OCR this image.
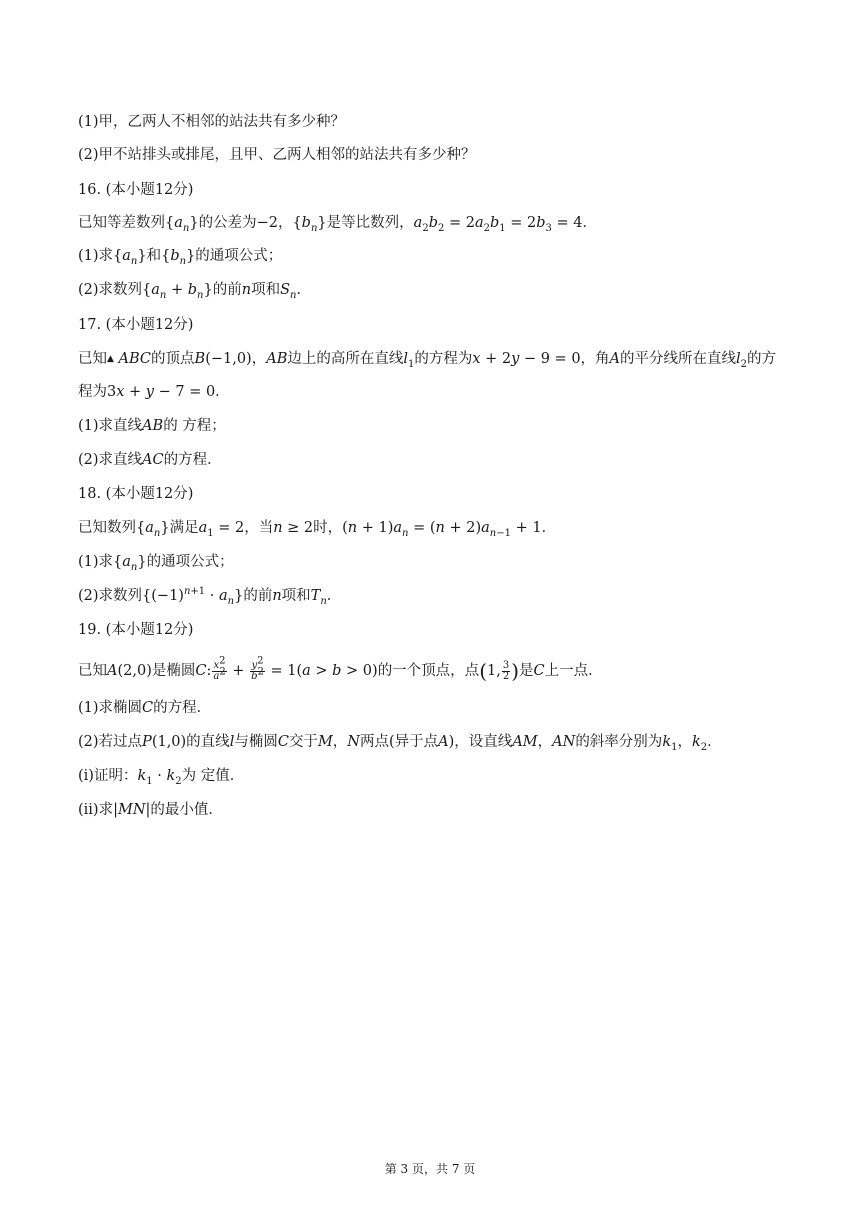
(1)甲，乙两人不相邻的站法共有多少种？
(2)甲不站排头或排尾，且甲、乙两人相邻的站法共有多少种？
16. (本小题12分)
已知等差数列$\{a_n\}$的公差为−2，$\{b_n\}$是等比数列，$a_2b_2 = 2a_2b_1 = 2b_3 = 4$．
(1)求$\{a_n\}$和$\{b_n\}$的通项公式；
(2)求数列$\{a_n + b_n\}$的前n项和$S_n$．
17. (本小题12分)
已知▲ ABC的顶点B(−1,0)，AB边上的高所在直线$l_1$的方程为x + 2y − 9 = 0，角A的平分线所在直线$l_2$的方
程为3x + y − 7 = 0．
(1)求直线AB的 方程；
(2)求直线AC的方程．
18. (本小题12分)
已知数列$\{a_n\}$满足$a_1 = 2$，当n ≥ 2时，$(n + 1)a_n = (n + 2)a_{n-1} + 1$．
(1)求$\{a_n\}$的通项公式；
(2)求数列$\{(-1)^{n+1} \cdot a_n\}$的前n项和$T_n$．
19. (本小题12分)
已知A(2,0)是椭圆C: $\frac{x^2}{a^2} + \frac{y^2}{b^2} = 1(a > b > 0)$的一个顶点，点(1, $\frac{3}{2}$ )是C上一点．
(1)求椭圆C的方程．
(2)若过点P(1,0)的直线l与椭圆C交于M，N两点(异于点A)，设直线AM，AN的斜率分别为$k_1$，$k_2$．
(i)证明：$k_1 \cdot k_2$为 定值．
(ii)求|MN|的最小值．
第 3 页，共 7 页
